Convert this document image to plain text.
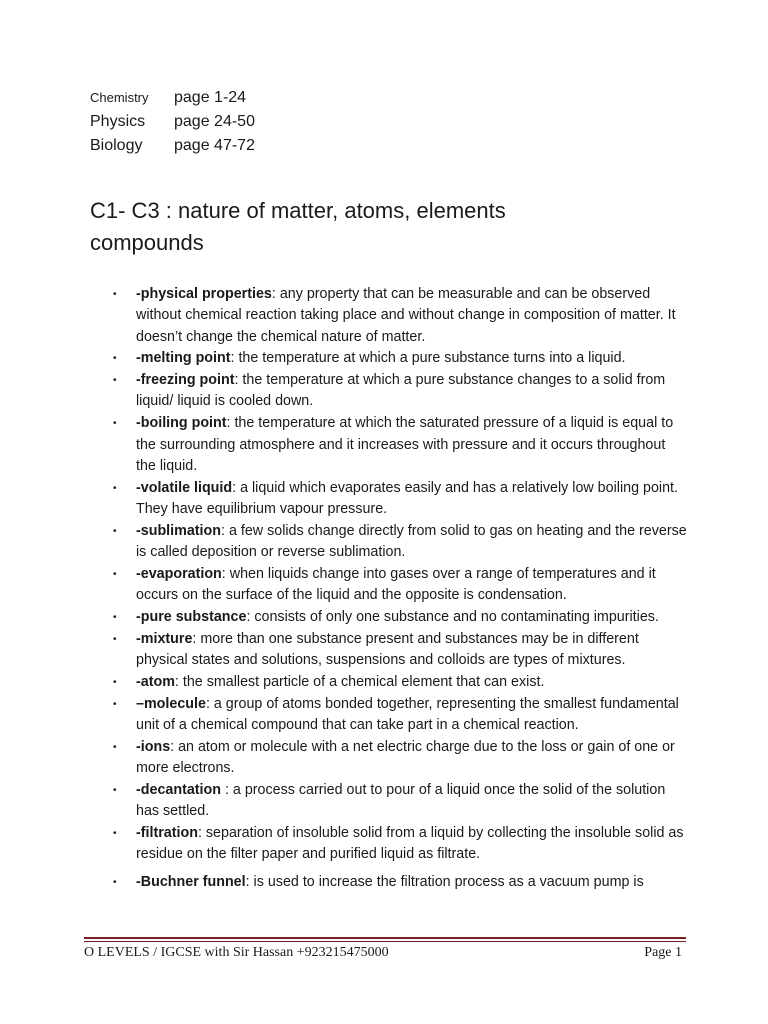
Chemistry	page 1-24
Physics	page 24-50
Biology	page 47-72
C1- C3 : nature of matter, atoms, elements compounds
• -physical properties: any property that can be measurable and can be observed without chemical reaction taking place and without change in composition of matter. It doesn’t change the chemical nature of matter.
• -melting point: the temperature at which a pure substance turns into a liquid.
• -freezing point: the temperature at which a pure substance changes to a solid from liquid/ liquid is cooled down.
• -boiling point: the temperature at which the saturated pressure of a liquid is equal to the surrounding atmosphere and it increases with pressure and it occurs throughout the liquid.
• -volatile liquid: a liquid which evaporates easily and has a relatively low boiling point. They have equilibrium vapour pressure.
• -sublimation: a few solids change directly from solid to gas on heating and the reverse is called deposition or reverse sublimation.
• -evaporation: when liquids change into gases over a range of temperatures and it occurs on the surface of the liquid and the opposite is condensation.
• -pure substance: consists of only one substance and no contaminating impurities.
• -mixture: more than one substance present and substances may be in different physical states and solutions, suspensions and colloids are types of mixtures.
• -atom: the smallest particle of a chemical element that can exist.
• –molecule: a group of atoms bonded together, representing the smallest fundamental unit of a chemical compound that can take part in a chemical reaction.
• -ions: an atom or molecule with a net electric charge due to the loss or gain of one or more electrons.
• -decantation : a process carried out to pour of a liquid once the solid of the solution has settled.
• -filtration: separation of insoluble solid from a liquid by collecting the insoluble solid as residue on the filter paper and purified liquid as filtrate.
• -Buchner funnel: is used to increase the filtration process as a vacuum pump is
O LEVELS / IGCSE with Sir Hassan +923215475000	Page 1
